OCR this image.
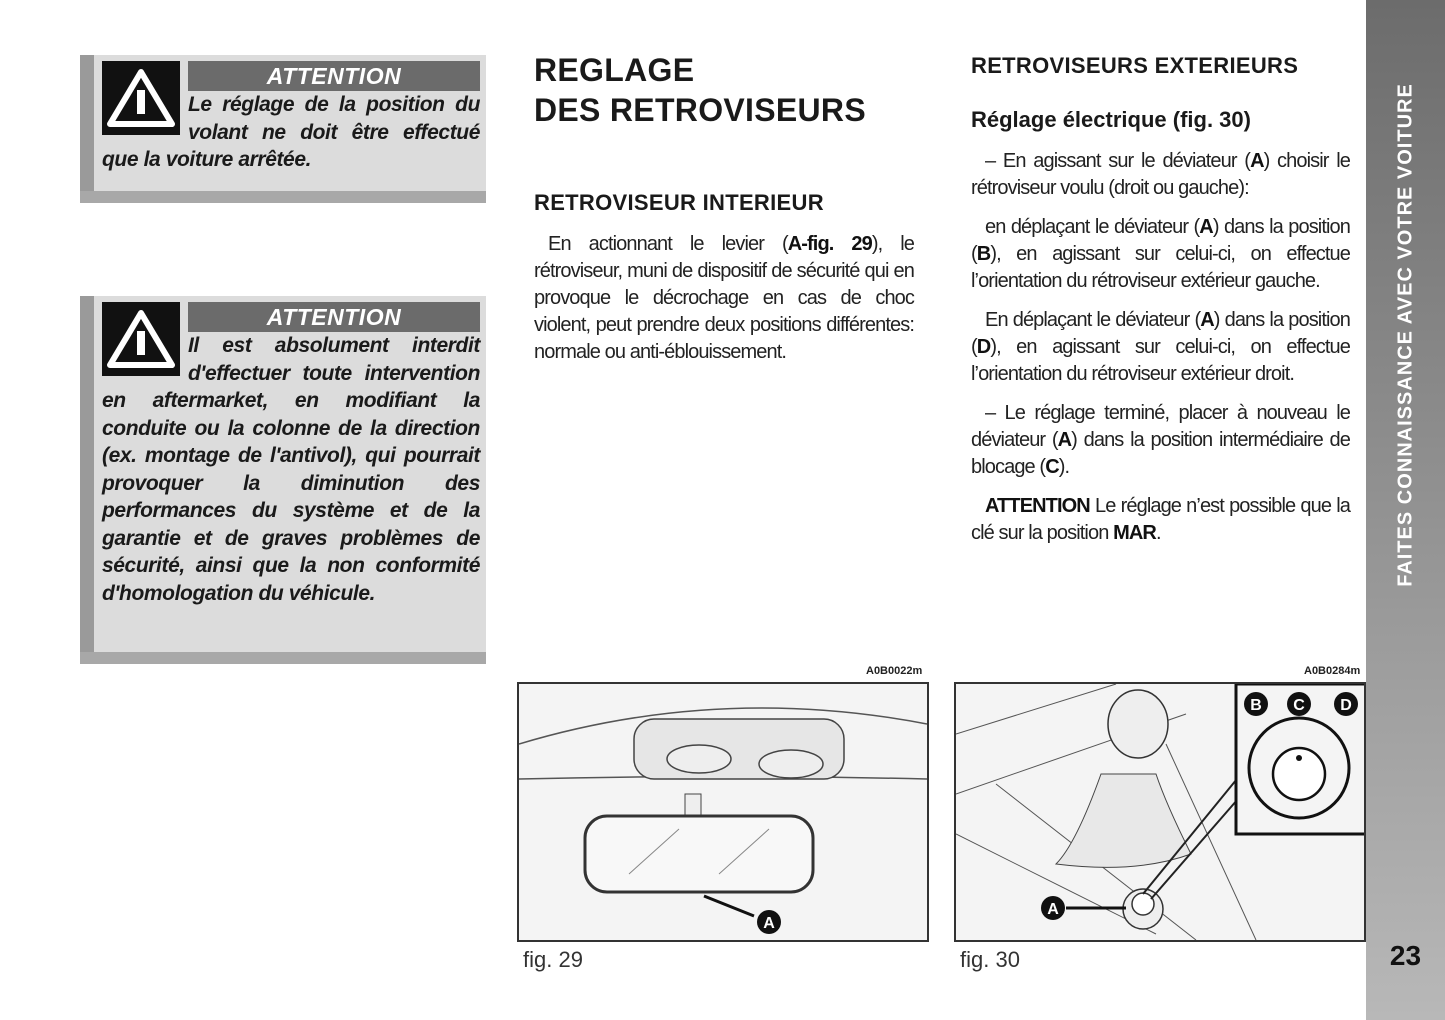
ATTENTION
Le réglage de la position du volant ne doit être effectué que la voiture arrêtée.
ATTENTION
Il est absolument interdit d'effectuer toute intervention en aftermarket, en modifiant la conduite ou la colonne de la direction (ex. montage de l'antivol), qui pourrait provoquer la diminution des performances du système et de la garantie et de graves problèmes de sécurité, ainsi que la non conformité d'homologation du véhicule.
REGLAGE
DES RETROVISEURS
RETROVISEUR INTERIEUR

En actionnant le levier (A-fig. 29), le rétroviseur, muni de dispositif de sécurité qui en provoque le décrochage en cas de choc violent, peut prendre deux positions différentes: normale ou anti-éblouissement.

RETROVISEURS EXTERIEURS
Réglage électrique (fig. 30)

– En agissant sur le déviateur (A) choisir le rétroviseur voulu (droit ou gauche):

en déplaçant le déviateur (A) dans la position (B), en agissant sur celui-ci, on effectue l’orientation du rétroviseur extérieur gauche.

En déplaçant le déviateur (A) dans la position (D), en agissant sur celui-ci, on effectue l’orientation du rétroviseur extérieur droit.

– Le réglage terminé, placer à nouveau le déviateur (A) dans la position intermédiaire de blocage (C).

ATTENTION Le réglage n’est possible que la clé sur la position MAR.

A0B0022m
A
fig. 29
A0B0284m
A
B C D
fig. 30
FAITES CONNAISSANCE AVEC VOTRE VOITURE
23
